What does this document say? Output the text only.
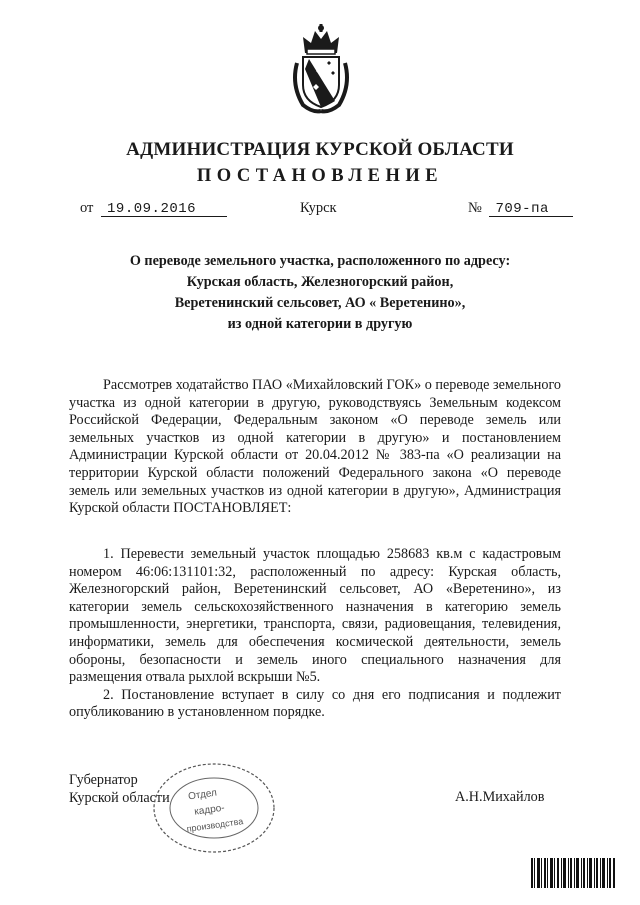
АДМИНИСТРАЦИЯ КУРСКОЙ ОБЛАСТИ
ПОСТАНОВЛЕНИЕ
от 19.09.2016	Курск	№ 709-па
О переводе земельного участка, расположенного по адресу:
Курская область, Железногорский район,
Веретенинский сельсовет, АО « Веретенино»,
из одной категории в другую

Рассмотрев ходатайство ПАО «Михайловский ГОК» о переводе земельного участка из одной категории в другую, руководствуясь Земельным кодексом Российской Федерации, Федеральным законом «О переводе земель или земельных участков из одной категории в другую» и постановлением Администрации Курской области от 20.04.2012 № 383-па «О реализации на территории Курской области положений Федерального закона «О переводе земель или земельных участков из одной категории в другую», Администрация Курской области ПОСТАНОВЛЯЕТ:

1. Перевести земельный участок площадью 258683 кв.м с кадастровым номером 46:06:131101:32, расположенный по адресу: Курская область, Железногорский район, Веретенинский сельсовет, АО «Веретенино», из категории земель сельскохозяйственного назначения в категорию земель промышленности, энергетики, транспорта, связи, радиовещания, телевидения, информатики, земель для обеспечения космической деятельности, земель обороны, безопасности и земель иного специального назначения для размещения отвала рыхлой вскрыши №5.

2. Постановление вступает в силу со дня его подписания и подлежит опубликованию в установленном порядке.

Губернатор
Курской области	А.Н.Михайлов
Отдел
кадро-
производства
